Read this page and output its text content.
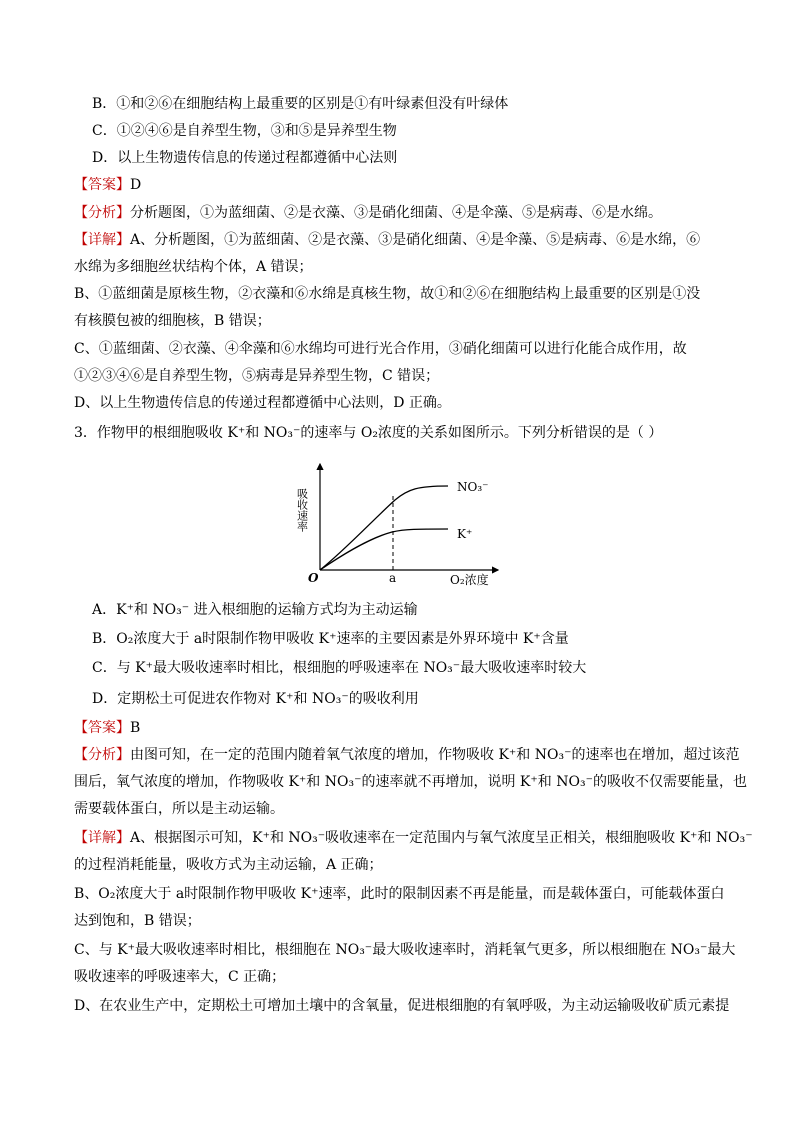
B．①和②⑥在细胞结构上最重要的区别是①有叶绿素但没有叶绿体
C．①②④⑥是自养型生物，③和⑤是异养型生物
D．以上生物遗传信息的传递过程都遵循中心法则
【答案】D
【分析】分析题图，①为蓝细菌、②是衣藻、③是硝化细菌、④是伞藻、⑤是病毒、⑥是水绵。
【详解】A、分析题图，①为蓝细菌、②是衣藻、③是硝化细菌、④是伞藻、⑤是病毒、⑥是水绵，⑥
水绵为多细胞丝状结构个体，A 错误；
B、①蓝细菌是原核生物，②衣藻和⑥水绵是真核生物，故①和②⑥在细胞结构上最重要的区别是①没
有核膜包被的细胞核，B 错误；
C、①蓝细菌、②衣藻、④伞藻和⑥水绵均可进行光合作用，③硝化细菌可以进行化能合成作用，故
①②③④⑥是自养型生物，⑤病毒是异养型生物，C 错误；
D、以上生物遗传信息的传递过程都遵循中心法则，D 正确。
3．作物甲的根细胞吸收 K⁺和 NO₃⁻的速率与 O₂浓度的关系如图所示。下列分析错误的是（ ）
吸收速率
O	a	O₂浓度
NO₃⁻
K⁺
A．K⁺和 NO₃⁻ 进入根细胞的运输方式均为主动运输
B．O₂浓度大于 a时限制作物甲吸收 K⁺速率的主要因素是外界环境中 K⁺含量
C．与 K⁺最大吸收速率时相比，根细胞的呼吸速率在 NO₃⁻最大吸收速率时较大
D．定期松土可促进农作物对 K⁺和 NO₃⁻的吸收利用
【答案】B
【分析】由图可知，在一定的范围内随着氧气浓度的增加，作物吸收 K⁺和 NO₃⁻的速率也在增加，超过该范
围后，氧气浓度的增加，作物吸收 K⁺和 NO₃⁻的速率就不再增加，说明 K⁺和 NO₃⁻的吸收不仅需要能量，也
需要载体蛋白，所以是主动运输。
【详解】A、根据图示可知，K⁺和 NO₃⁻吸收速率在一定范围内与氧气浓度呈正相关，根细胞吸收 K⁺和 NO₃⁻
的过程消耗能量，吸收方式为主动运输，A 正确；
B、O₂浓度大于 a时限制作物甲吸收 K⁺速率，此时的限制因素不再是能量，而是载体蛋白，可能载体蛋白
达到饱和，B 错误；
C、与 K⁺最大吸收速率时相比，根细胞在 NO₃⁻最大吸收速率时，消耗氧气更多，所以根细胞在 NO₃⁻最大
吸收速率的呼吸速率大，C 正确；
D、在农业生产中，定期松土可增加土壤中的含氧量，促进根细胞的有氧呼吸，为主动运输吸收矿质元素提
